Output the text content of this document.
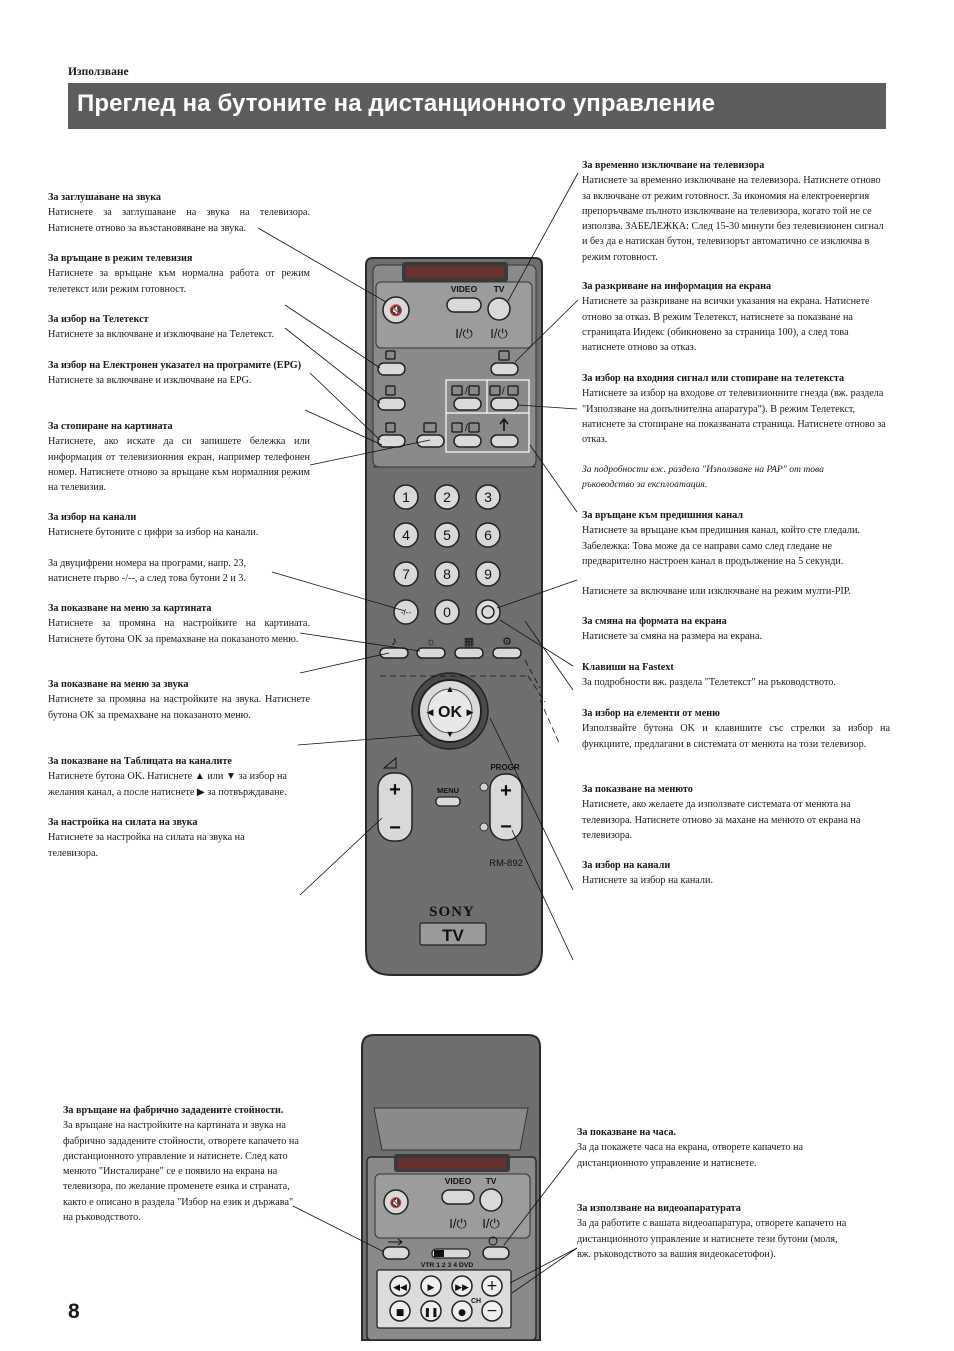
Използване
Преглед на бутоните на дистанционното управление
За заглушаване на звука
Натиснете за заглушаване на звука на телевизора. Натиснете отново за възстановяване на звука.
За връщане в режим телевизия
Натиснете за връщане към нормална работа от режим телетекст или режим готовност.
За избор на Телетекст
Натиснете за включване и изключване на Телетекст.
За избор на Електронен указател на програмите (EPG)
Натиснете за включване и изключване на EPG.
За стопиране на картината
Натиснете, ако искате да си запишете бележка или информация от телевизионния екран, например телефонен номер. Натиснете отново за връщане към нормалния режим на телевизия.
За избор на канали
Натиснете бутоните с цифри за избор на канали.
За двуцифрени номера на програми, напр. 23, натиснете първо -/--, а след това бутони 2 и 3.
За показване на меню за картината
Натиснете за промяна на настройките на картината. Натиснете бутона OK за премахване на показаното меню.
За показване на меню за звука
Натиснете за промяна на настройките на звука. Натиснете бутона OK за премахване на показаното меню.
За показване на Таблицата на каналите
Натиснете бутона OK. Натиснете ▲ или ▼ за избор на желания канал, а после натиснете ▶ за потвърждаване.
За настройка на силата на звука
Натиснете за настройка на силата на звука на телевизора.
За временно изключване на телевизора
Натиснете за временно изключване на телевизора. Натиснете отново за включване от режим готовност. За икономия на електроенергия препоръчваме пълното изключване на телевизора, когато той не се използва. ЗАБЕЛЕЖКА: След 15-30 минути без телевизионен сигнал и без да е натискан бутон, телевизорът автоматично се изключва в режим готовност.
За разкриване на информация на екрана
Натиснете за разкриване на всички указания на екрана. Натиснете отново за отказ. В режим Телетекст, натиснете за показване на страницата Индекс (обикновено за страница 100), а след това натиснете отново за отказ.
За избор на входния сигнал или стопиране на телетекста
Натиснете за избор на входове от телевизионните гнезда (вж. раздела "Използване на допълнителна апаратура"). В режим Телетекст, натиснете за стопиране на показваната страница. Натиснете отново за отказ.
За подробности вж. раздела "Използване на PAP" от това ръководство за експлоатация.
За връщане към предишния канал
Натиснете за връщане към предишния канал, който сте гледали. Забележка: Това може да се направи само след гледане не предварително настроен канал в продължение на 5 секунди.
Натиснете за включване или изключване на режим мулти-PIP.
За смяна на формата на екрана
Натиснете за смяна на размера на екрана.
Клавиши на Fastext
За подробности вж. раздела "Телетекст" на ръководството.
За избор на елементи от меню
Използвайте бутона OK и клавишите със стрелки за избор на функциите, предлагани в системата от менюта на този телевизор.
За показване на менюто
Натиснете, ако желаете да използвате системата от менюта на телевизора. Натиснете отново за махане на менюто от екрана на телевизора.
За избор на канали
Натиснете за избор на канали.
За връщане на фабрично зададените стойности.
За връщане на настройките на картината и звука на фабрично зададените стойности, отворете капачето на дистанционното управление и натиснете. След като менюто "Инсталиране" се е появило на екрана на телевизора, по желание променете езика и страната, както е описано в раздела "Избор на език и държава" на ръководството.
За показване на часа.
За да покажете часа на екрана, отворете капачето на дистанционното управление и натиснете.
За използване на видеоапаратурата
За да работите с вашата видеоапаратура, отворете капачето на дистанционното управление и натиснете тези бутони (моля, вж. ръководството за вашия видеокасетофон).
8
🔇
VIDEO TV
I/⏻ I/⏻
/	/
/
1 2 3
4 5 6
7 8 9
-/-- 0
♪	☼	▦	⚙
OK
▲
▼
◀	▶
+
−
MENU
PROGR
+
−
RM-892
SONY
TV
🔇
VIDEO TV
I/⏻ I/⏻
VTR 1 2 3 4 DVD
◀◀ ▶ ▶▶ +
■ ❚❚ ● −
CH
